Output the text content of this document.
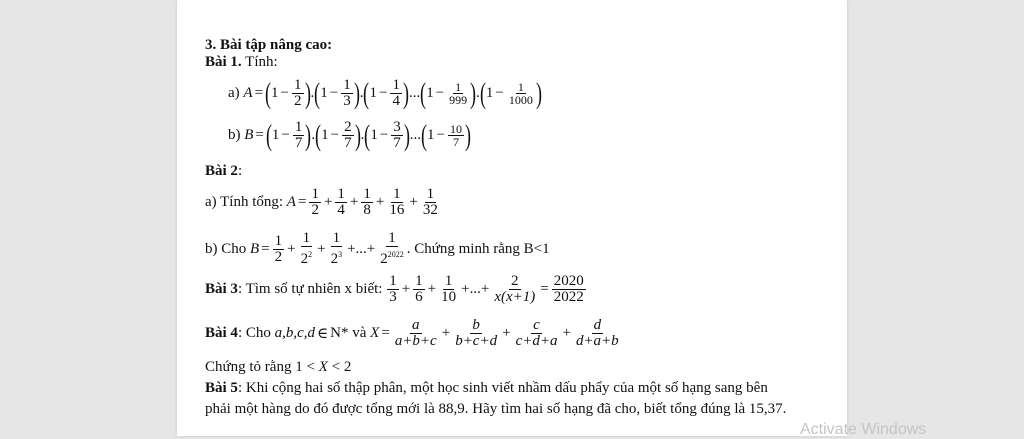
3. Bài tập nâng cao:
Bài 1. Tính:
a)
A = ( $1 - \frac{1}{2}$ ) . ( $1 - \frac{1}{3}$ ) . ( $1 - \frac{1}{4}$ ) ... ( $1 - \frac{1}{999}$ ) . ( $1 - \frac{1}{1000}$ )
b)
B = ( $1 - \frac{1}{7}$ ) . ( $1 - \frac{2}{7}$ ) . ( $1 - \frac{3}{7}$ ) ... ( $1 - \frac{10}{7}$ )
Bài 2:
a) Tính tổng:
$A = \frac{1}{2} + \frac{1}{4} + \frac{1}{8} + \frac{1}{16} + \frac{1}{32}$
b) Cho
$B = \frac{1}{2} + \frac{1}{2^2} + \frac{1}{2^3}$ +...+ $\frac{1}{2^{2022}}$ . Chứng minh rằng B<1
Bài 3 : Tìm số tự nhiên x biết:
$\frac{1}{3} + \frac{1}{6} + \frac{1}{10}$ +...+ $\frac{2}{x(x+1)} = \frac{2020}{2022}$
Bài 4 : Cho
a,b,c,d ∈ N*
và
$X = \frac{a}{a+b+c} + \frac{b}{b+c+d} + \frac{c}{c+d+a} + \frac{d}{d+a+b}$
Chứng tỏ rằng 1 < X < 2
Bài 5: Khi cộng hai số thập phân, một học sinh viết nhầm dấu phẩy của một số hạng sang bên
phải một hàng do đó được tổng mới là 88,9. Hãy tìm hai số hạng đã cho, biết tổng đúng là 15,37.
Activate Windows
